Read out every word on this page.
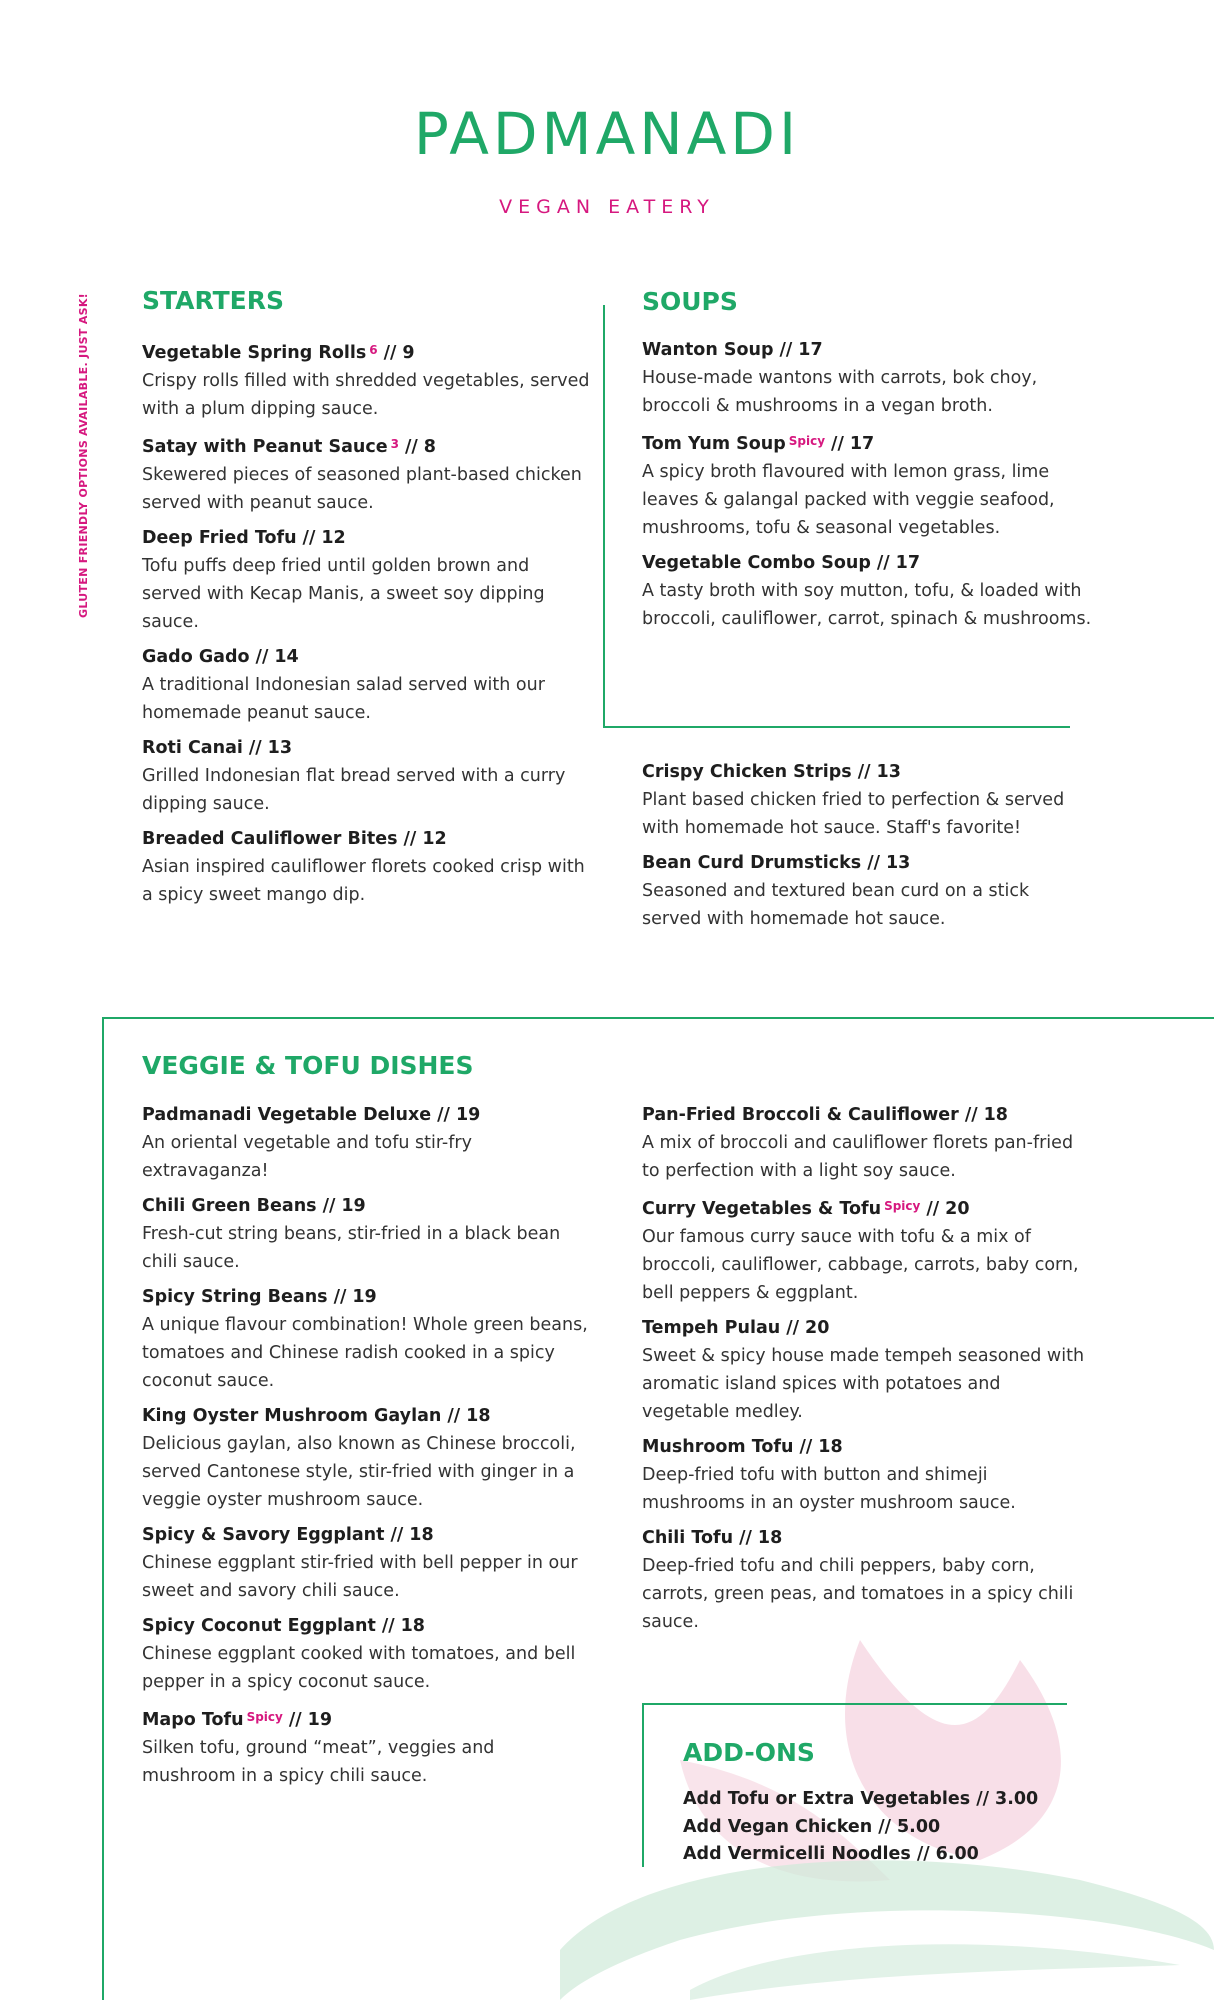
PADMANADI
VEGAN EATERY
GLUTEN FRIENDLY OPTIONS AVAILABLE. JUST ASK! STARTERS
Vegetable Spring Rolls $^6$ // 9
Crispy rolls filled with shredded vegetables, served with a plum dipping sauce.
Satay with Peanut Sauce $^3$ // 8
Skewered pieces of seasoned plant-based chicken served with peanut sauce.
Deep Fried Tofu // 12
Tofu puffs deep fried until golden brown and served with Kecap Manis, a sweet soy dipping sauce.
Gado Gado // 14
A traditional Indonesian salad served with our homemade peanut sauce.
Roti Canai // 13
Grilled Indonesian flat bread served with a curry dipping sauce.
Breaded Cauliflower Bites // 12
Asian inspired cauliflower florets cooked crisp with a spicy sweet mango dip.
SOUPS
Wanton Soup // 17
House-made wantons with carrots, bok choy, broccoli & mushrooms in a vegan broth.
Tom Yum Soup $^{Spicy}$ // 17
A spicy broth flavoured with lemon grass, lime leaves & galangal packed with veggie seafood, mushrooms, tofu & seasonal vegetables.
Vegetable Combo Soup // 17
A tasty broth with soy mutton, tofu, & loaded with broccoli, cauliflower, carrot, spinach & mushrooms.
Crispy Chicken Strips // 13
Plant based chicken fried to perfection & served with homemade hot sauce. Staff's favorite!
Bean Curd Drumsticks // 13
Seasoned and textured bean curd on a stick served with homemade hot sauce.
VEGGIE & TOFU DISHES
Padmanadi Vegetable Deluxe // 19
An oriental vegetable and tofu stir-fry extravaganza!
Chili Green Beans // 19
Fresh-cut string beans, stir-fried in a black bean chili sauce.
Spicy String Beans // 19
A unique flavour combination! Whole green beans, tomatoes and Chinese radish cooked in a spicy coconut sauce.
King Oyster Mushroom Gaylan // 18
Delicious gaylan, also known as Chinese broccoli, served Cantonese style, stir-fried with ginger in a veggie oyster mushroom sauce.
Spicy & Savory Eggplant // 18
Chinese eggplant stir-fried with bell pepper in our sweet and savory chili sauce.
Spicy Coconut Eggplant // 18
Chinese eggplant cooked with tomatoes, and bell pepper in a spicy coconut sauce.
Mapo Tofu $^{Spicy}$ // 19
Silken tofu, ground “meat”, veggies and mushroom in a spicy chili sauce.
Pan-Fried Broccoli & Cauliflower // 18
A mix of broccoli and cauliflower florets pan-fried to perfection with a light soy sauce.
Curry Vegetables & Tofu $^{Spicy}$ // 20
Our famous curry sauce with tofu & a mix of broccoli, cauliflower, cabbage, carrots, baby corn, bell peppers & eggplant.
Tempeh Pulau // 20
Sweet & spicy house made tempeh seasoned with aromatic island spices with potatoes and vegetable medley.
Mushroom Tofu // 18
Deep-fried tofu with button and shimeji mushrooms in an oyster mushroom sauce.
Chili Tofu // 18
Deep-fried tofu and chili peppers, baby corn, carrots, green peas, and tomatoes in a spicy chili sauce.
ADD-ONS
Add Tofu or Extra Vegetables // 3.00
Add Vegan Chicken // 5.00
Add Vermicelli Noodles // 6.00
